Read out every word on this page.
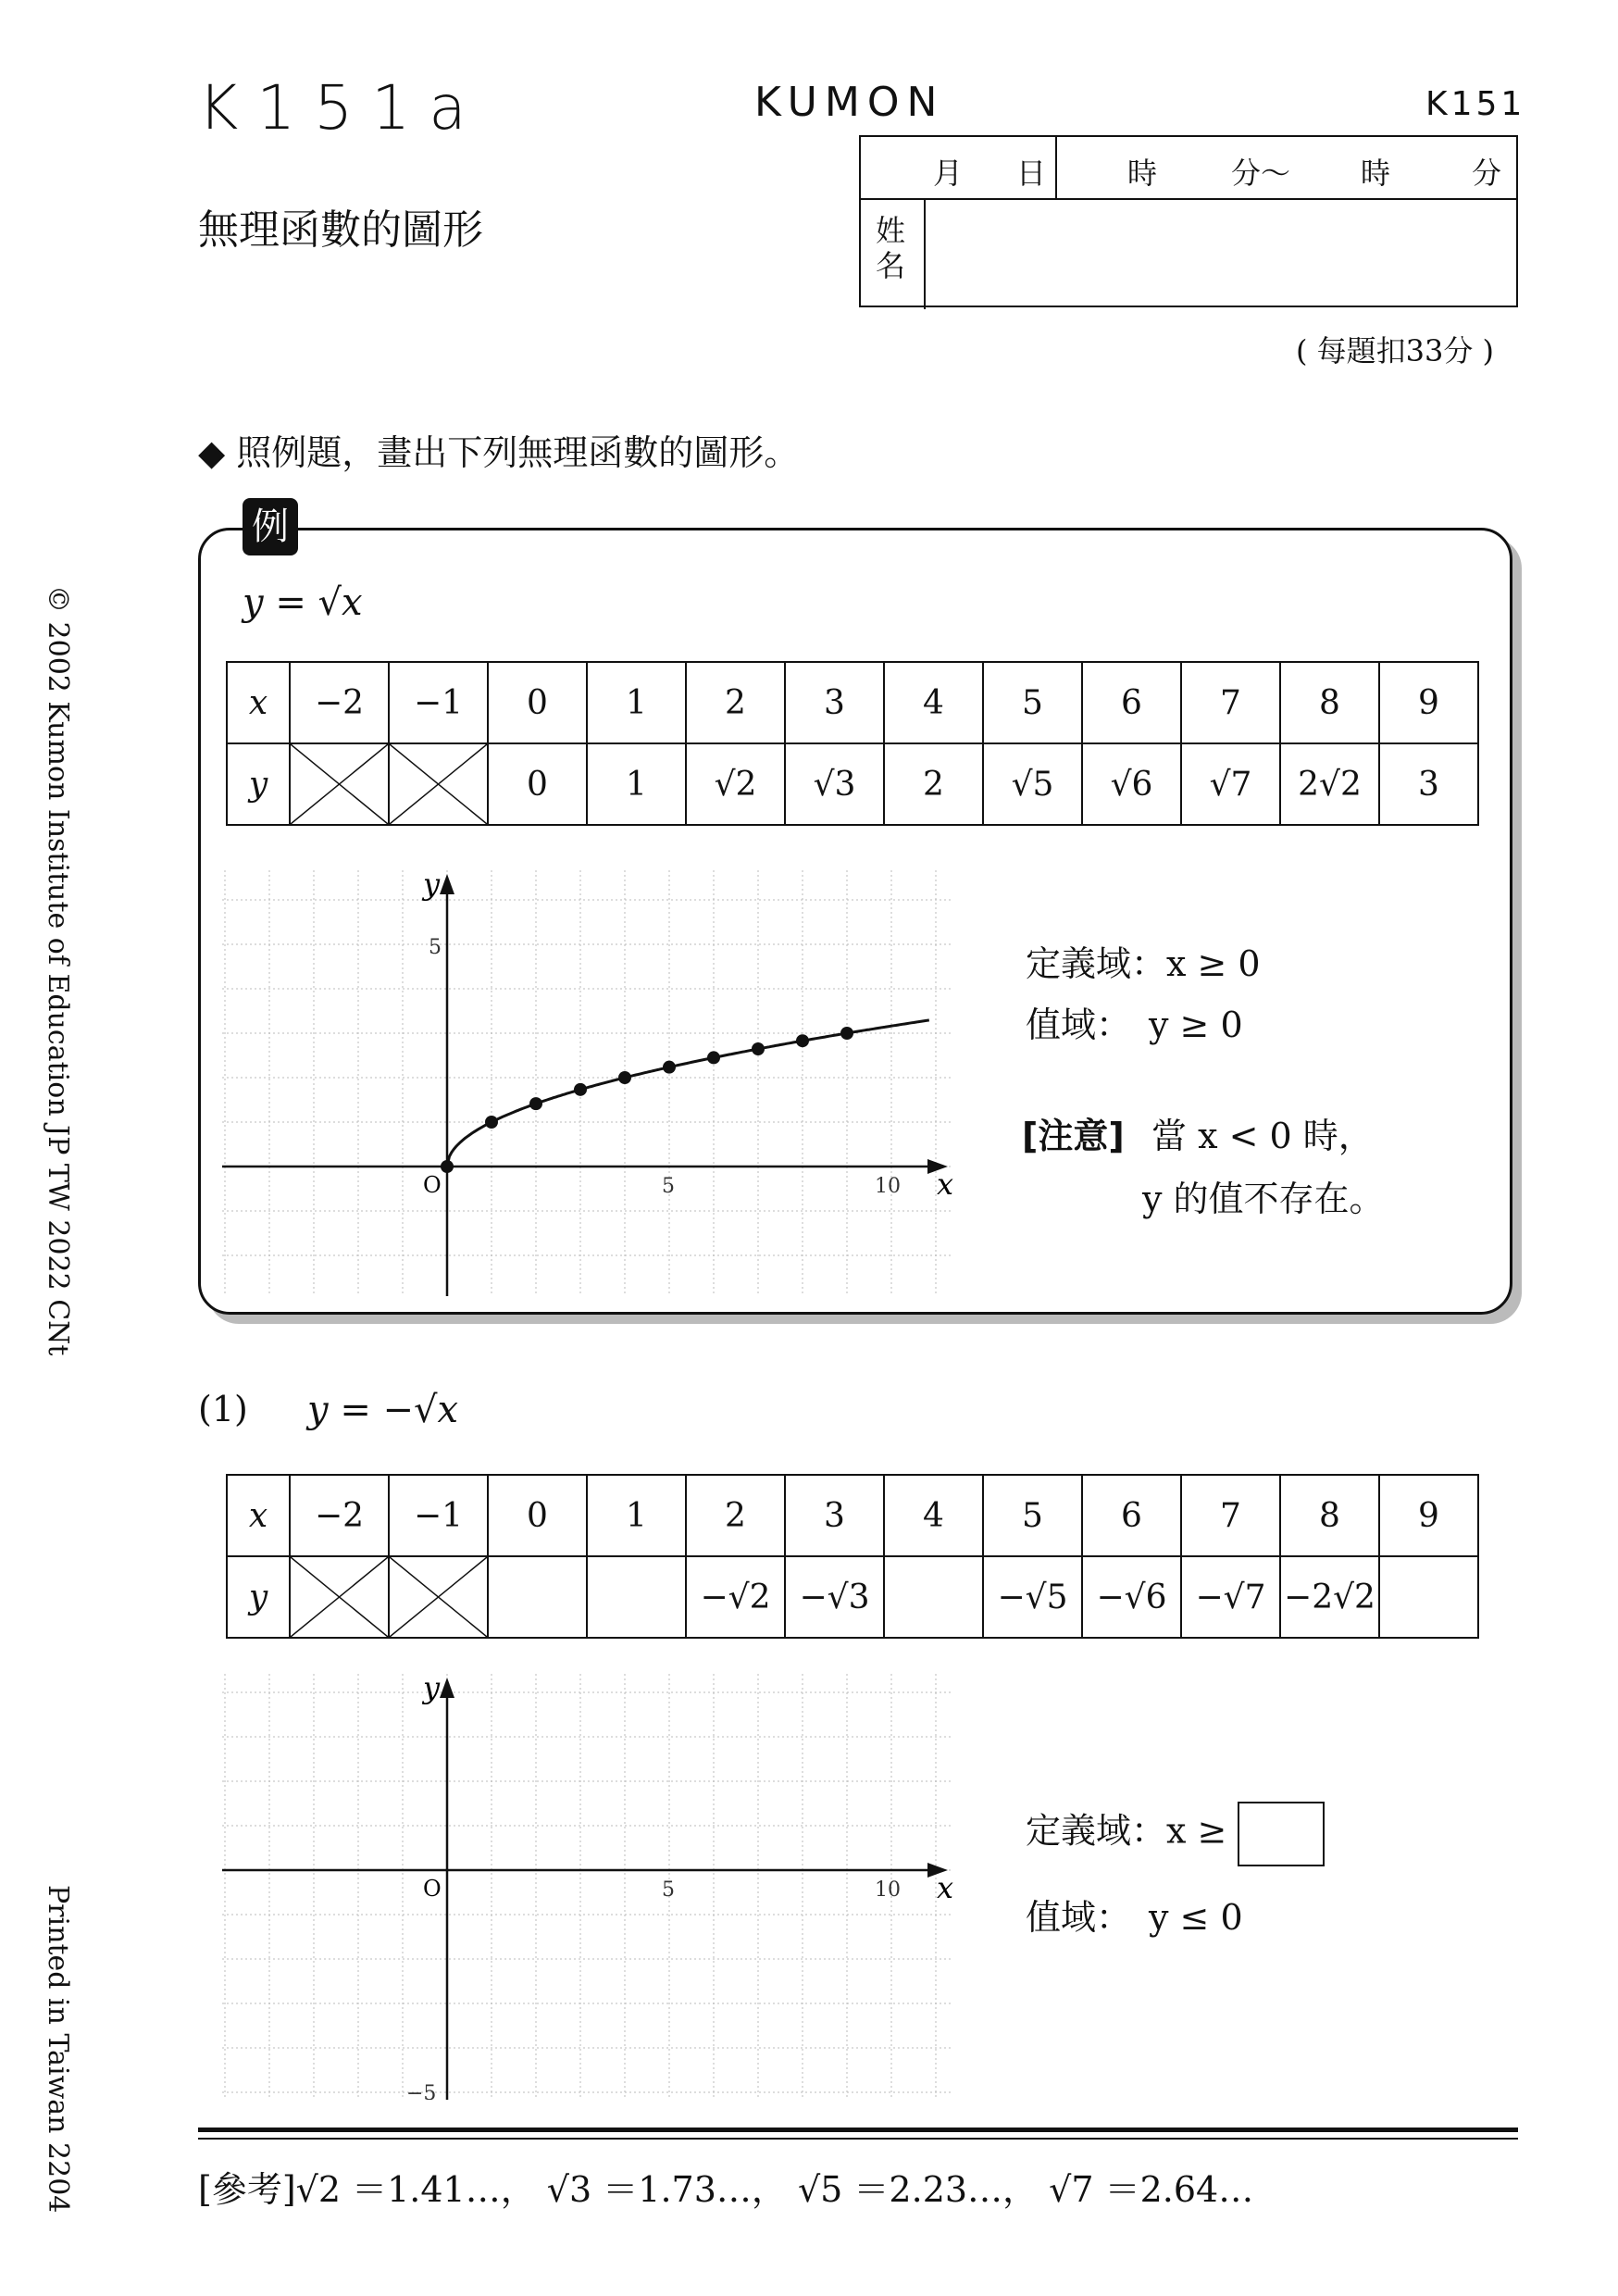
K151a	KUMON	K151
無理函數的圖形
月 日	時 分～ 時	分
姓名
( 每題扣33分 )
◆ 照例題，畫出下列無理函數的圖形。
例
y = √x
x	−2	−1	0	1	2	3	4	5	6	7	8	9
y			0	1	√2	√3	2	√5	√6	√7	2√2	3
O	5	10 x
y
5	定義域：x ≥ 0
值域：　y ≥ 0
[注意] 當 x < 0 時，
y 的值不存在。
(1) y = −√x
x	−2	−1	0	1	2	3	4	5	6	7	8	9
y					−√2	−√3		−√5	−√6	−√7	−2√2	
O	5	10 x
y
−5
定義域：x ≥
值域：　y ≤ 0
[參考]√2 ＝1.41…， √3 ＝1.73…， √5 ＝2.23…， √7 ＝2.64…
© 2002 Kumon Institute of Education JP TW 2022 CNt
Printed in Taiwan 2204
